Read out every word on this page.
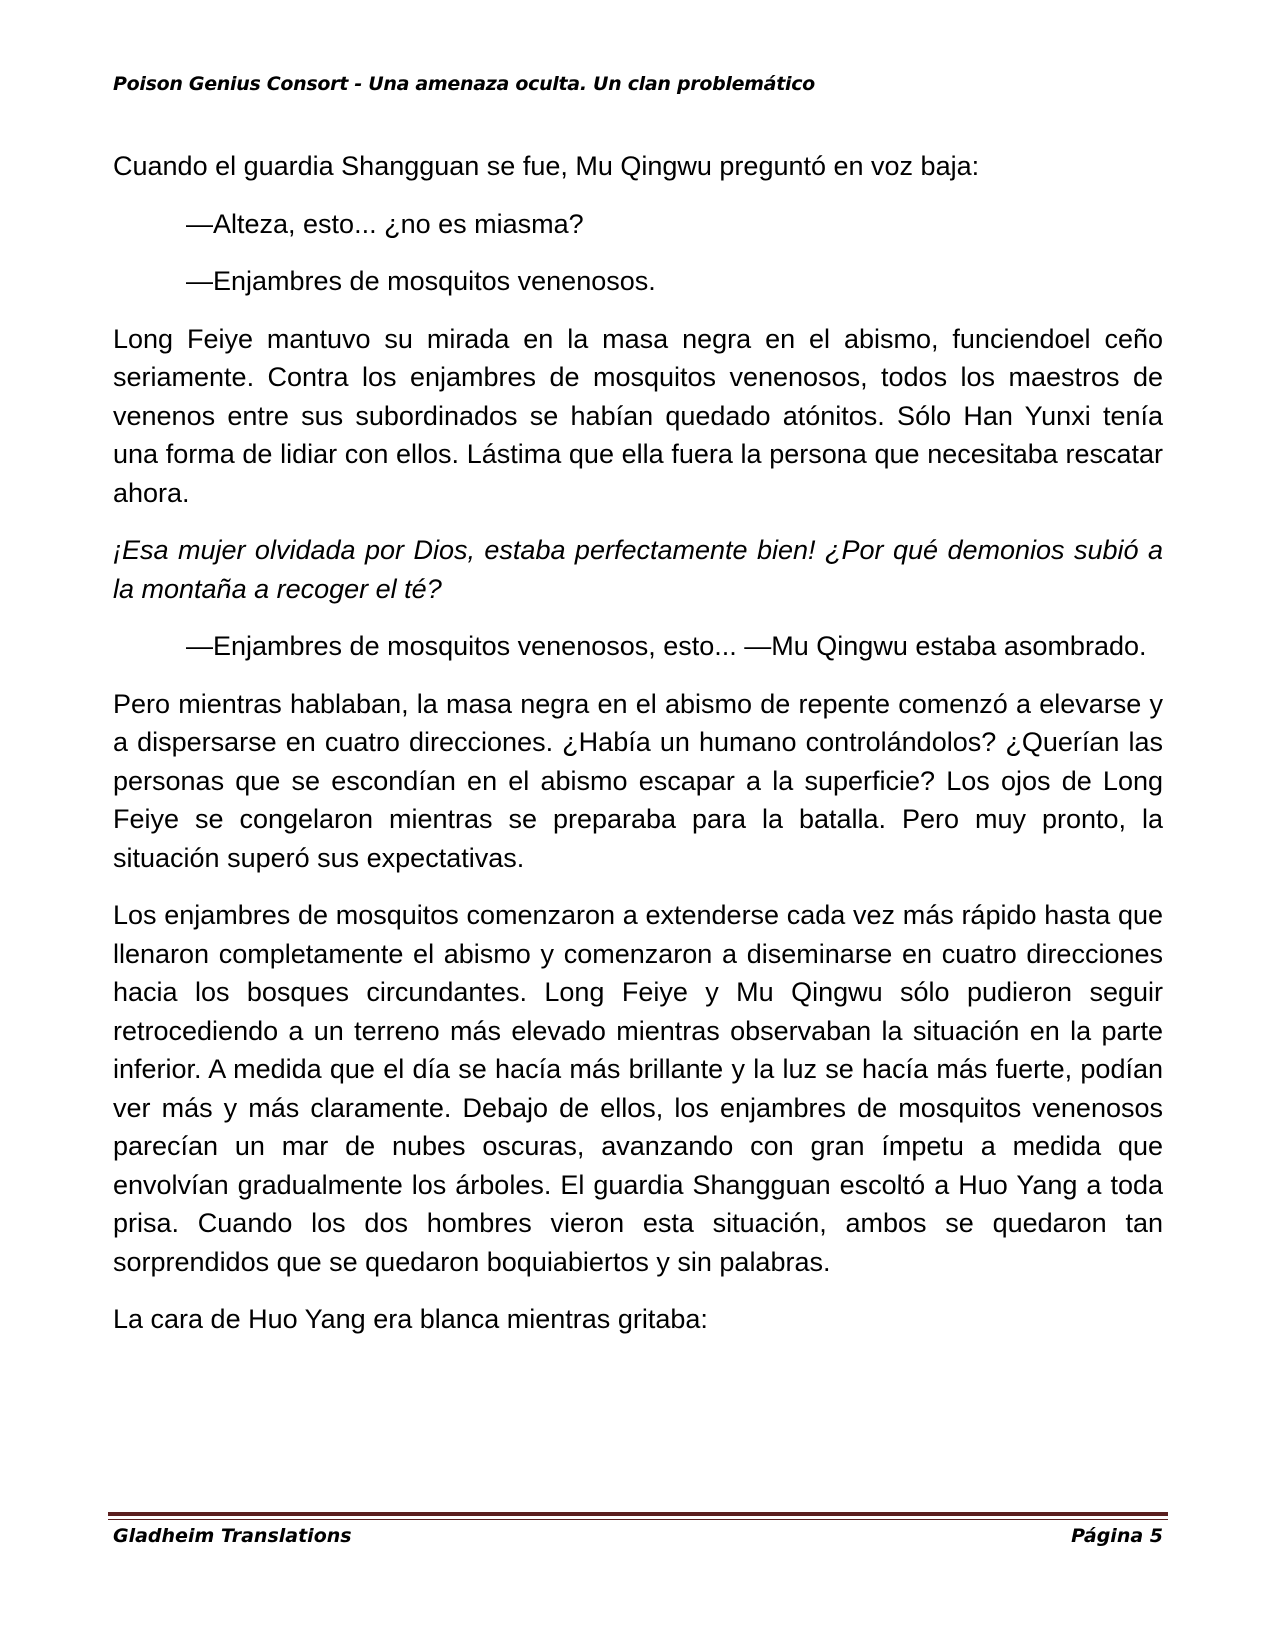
Poison Genius Consort - Una amenaza oculta. Un clan problemático

Cuando el guardia Shangguan se fue, Mu Qingwu preguntó en voz baja:

—Alteza, esto... ¿no es miasma?

—Enjambres de mosquitos venenosos.

Long Feiye mantuvo su mirada en la masa negra en el abismo, funciendoel ceño seriamente. Contra los enjambres de mosquitos venenosos, todos los maestros de venenos entre sus subordinados se habían quedado atónitos. Sólo Han Yunxi tenía una forma de lidiar con ellos. Lástima que ella fuera la persona que necesitaba rescatar ahora.

¡Esa mujer olvidada por Dios, estaba perfectamente bien! ¿Por qué demonios subió a la montaña a recoger el té?

—Enjambres de mosquitos venenosos, esto... —Mu Qingwu estaba asombrado.

Pero mientras hablaban, la masa negra en el abismo de repente comenzó a elevarse y a dispersarse en cuatro direcciones. ¿Había un humano controlándolos? ¿Querían las personas que se escondían en el abismo escapar a la superficie? Los ojos de Long Feiye se congelaron mientras se preparaba para la batalla. Pero muy pronto, la situación superó sus expectativas.

Los enjambres de mosquitos comenzaron a extenderse cada vez más rápido hasta que llenaron completamente el abismo y comenzaron a diseminarse en cuatro direcciones hacia los bosques circundantes. Long Feiye y Mu Qingwu sólo pudieron seguir retrocediendo a un terreno más elevado mientras observaban la situación en la parte inferior. A medida que el día se hacía más brillante y la luz se hacía más fuerte, podían ver más y más claramente. Debajo de ellos, los enjambres de mosquitos venenosos parecían un mar de nubes oscuras, avanzando con gran ímpetu a medida que envolvían gradualmente los árboles. El guardia Shangguan escoltó a Huo Yang a toda prisa. Cuando los dos hombres vieron esta situación, ambos se quedaron tan sorprendidos que se quedaron boquiabiertos y sin palabras.

La cara de Huo Yang era blanca mientras gritaba:

Gladheim Translations	Página 5
